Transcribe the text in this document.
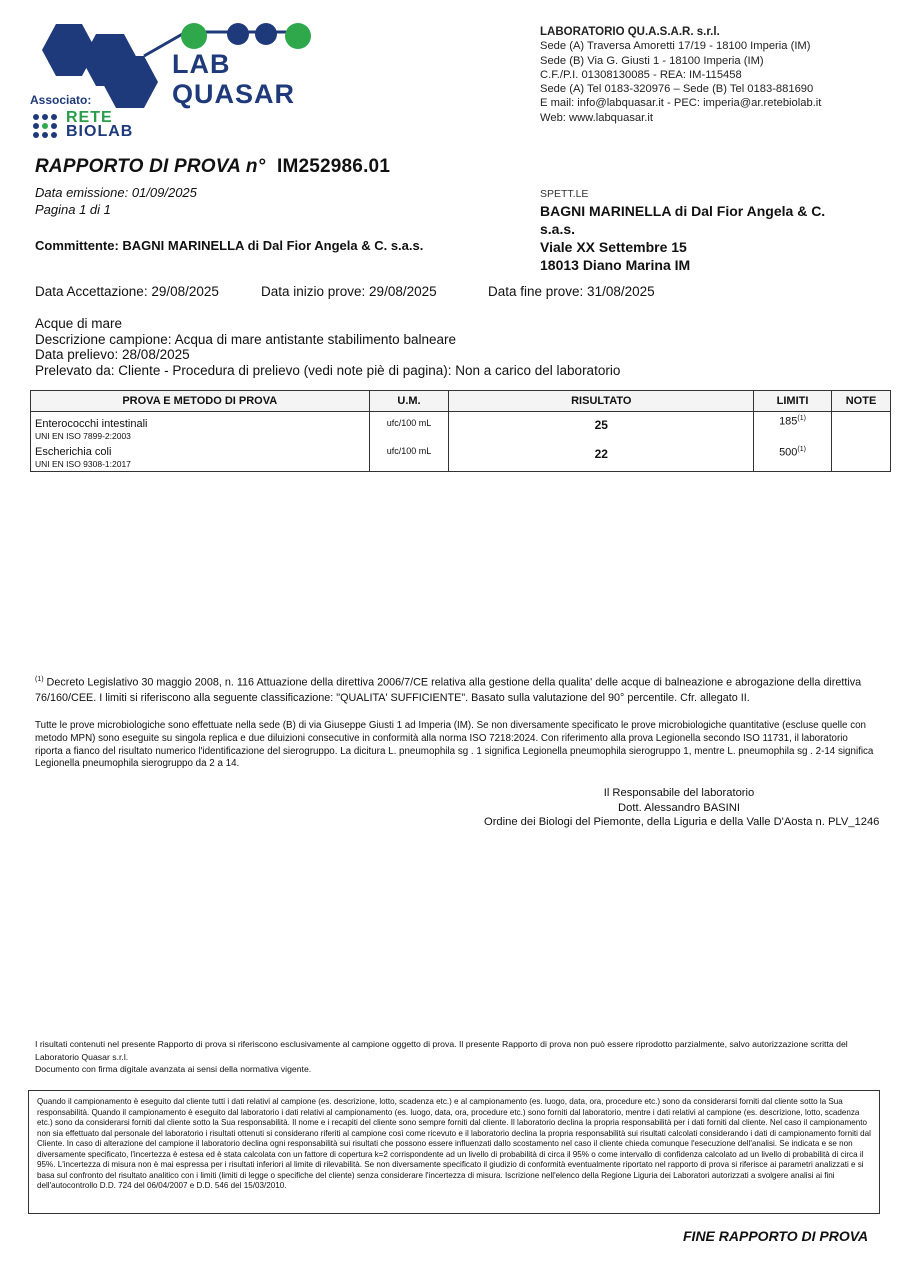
LAB
QUASAR
Associato:
RETE
BIOLAB
LABORATORIO QU.A.S.A.R. s.r.l.
Sede (A) Traversa Amoretti 17/19 - 18100 Imperia (IM)
Sede (B) Via G. Giusti 1 - 18100 Imperia (IM)
C.F./P.I. 01308130085 - REA: IM-115458
Sede (A) Tel 0183-320976 – Sede (B) Tel 0183-881690
E mail: info@labquasar.it - PEC: imperia@ar.retebiolab.it
Web: www.labquasar.it
RAPPORTO DI PROVA n° IM252986.01
Data emissione: 01/09/2025
Pagina 1 di 1
SPETT.LE
BAGNI MARINELLA di Dal Fior Angela & C.
s.a.s.
Viale XX Settembre 15
18013 Diano Marina IM
Committente: BAGNI MARINELLA di Dal Fior Angela & C. s.a.s.
Data Accettazione: 29/08/2025	Data inizio prove: 29/08/2025	Data fine prove: 31/08/2025
Acque di mare
Descrizione campione: Acqua di mare antistante stabilimento balneare
Data prelievo: 28/08/2025
Prelevato da: Cliente - Procedura di prelievo (vedi note piè di pagina): Non a carico del laboratorio
PROVA E METODO DI PROVA	U.M.	RISULTATO	LIMITI	NOTE

Enterococchi intestinali
UNI EN ISO 7899-2:2003	ufc/100 mL	25	185$^{(1)}$	

Escherichia coli
UNI EN ISO 9308-1:2017	ufc/100 mL	22	500$^{(1)}$	
$^{(1)}$ Decreto Legislativo 30 maggio 2008, n. 116 Attuazione della direttiva 2006/7/CE relativa alla gestione della qualita' delle acque di balneazione e abrogazione della direttiva 76/160/CEE. I limiti si riferiscono alla seguente classificazione: "QUALITA' SUFFICIENTE". Basato sulla valutazione del 90° percentile. Cfr. allegato II.
Tutte le prove microbiologiche sono effettuate nella sede (B) di via Giuseppe Giusti 1 ad Imperia (IM). Se non diversamente specificato le prove microbiologiche quantitative (escluse quelle con metodo MPN) sono eseguite su singola replica e due diluizioni consecutive in conformità alla norma ISO 7218:2024. Con riferimento alla prova Legionella secondo ISO 11731, il laboratorio riporta a fianco del risultato numerico l'identificazione del sierogruppo. La dicitura L. pneumophila sg . 1 significa Legionella pneumophila sierogruppo 1, mentre L. pneumophila sg . 2-14 significa Legionella pneumophila sierogruppo da 2 a 14.
Il Responsabile del laboratorio
Dott. Alessandro BASINI
Ordine dei Biologi del Piemonte, della Liguria e della Valle D'Aosta n. PLV_1246
I risultati contenuti nel presente Rapporto di prova si riferiscono esclusivamente al campione oggetto di prova. Il presente Rapporto di prova non può essere riprodotto parzialmente, salvo autorizzazione scritta del Laboratorio Quasar s.r.l.
Documento con firma digitale avanzata ai sensi della normativa vigente.
Quando il campionamento è eseguito dal cliente tutti i dati relativi al campione (es. descrizione, lotto, scadenza etc.) e al campionamento (es. luogo, data, ora, procedure etc.) sono da considerarsi forniti dal cliente sotto la Sua responsabilità. Quando il campionamento è eseguito dal laboratorio i dati relativi al campionamento (es. luogo, data, ora, procedure etc.) sono forniti dal laboratorio, mentre i dati relativi al campione (es. descrizione, lotto, scadenza etc.) sono da considerarsi forniti dal cliente sotto la Sua responsabilità. Il nome e i recapiti del cliente sono sempre forniti dal cliente. Il laboratorio declina la propria responsabilità per i dati forniti dal cliente. Nel caso il campionamento non sia effettuato dal personale del laboratorio i risultati ottenuti si considerano riferiti al campione così come ricevuto e il laboratorio declina la propria responsabilità sui risultati calcolati considerando i dati di campionamento forniti dal Cliente. In caso di alterazione del campione il laboratorio declina ogni responsabilità sui risultati che possono essere influenzati dallo scostamento nel caso il cliente chieda comunque l'esecuzione dell'analisi. Se indicata e se non diversamente specificato, l'incertezza è estesa ed è stata calcolata con un fattore di copertura k=2 corrispondente ad un livello di probabilità di circa il 95% o come intervallo di confidenza calcolato ad un livello di probabilità di circa il 95%. L'incertezza di misura non è mai espressa per i risultati inferiori al limite di rilevabilità. Se non diversamente specificato il giudizio di conformità eventualmente riportato nel rapporto di prova si riferisce ai parametri analizzati e si basa sul confronto del risultato analitico con i limiti (limiti di legge o specifiche del cliente) senza considerare l'incertezza di misura. Iscrizione nell'elenco della Regione Liguria dei Laboratori autorizzati a svolgere analisi ai fini dell'autocontrollo D.D. 724 del 06/04/2007 e D.D. 546 del 15/03/2010.
FINE RAPPORTO DI PROVA
